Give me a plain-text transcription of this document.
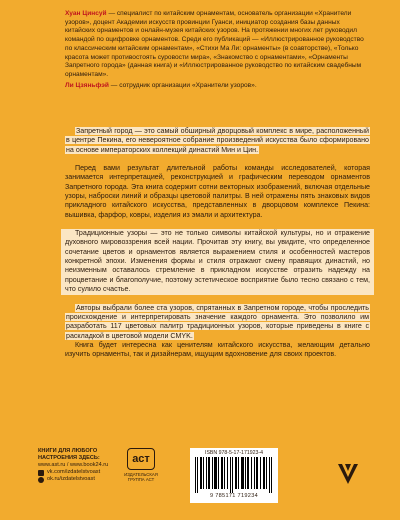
Хуан Цинсуй — специалист по китайским орнаментам, основатель организации «Хранители узоров», доцент Академии искусств провинции Гуанси, инициатор создания базы данных китайских орнаментов и онлайн-музея китайских узоров. На протяжении многих лет руководил командой по оцифровке орнаментов. Среди его публикаций — «Иллюстрированное руководство по классическим китайским орнаментам», «Стихи Ма Ли: орнаменты» (в соавторстве), «Только красота может противостоять суровости мира», «Знакомство с орнаментами», «Орнаменты Запретного города» (данная книга) и «Иллюстрированное руководство по китайским свадебным орнаментам».

Ли Цзяньфэй — сотрудник организации «Хранители узоров».

Запретный город — это самый обширный дворцовый комплекс в мире, расположенный в центре Пекина, его невероятное собрание произведений искусства было сформировано на основе императорских коллекций династий Мин и Цин.

Перед вами результат длительной работы команды исследователей, которая занимается интерпретацией, реконструкцией и графическим переводом орнаментов Запретного города. Эта книга содержит сотни векторных изображений, включая отдельные узоры, наброски линий и образцы цветовой палитры. В ней отражены пять знаковых видов прикладного китайского искусства, представленных в дворцовом комплексе Пекина: вышивка, фарфор, ковры, изделия из эмали и архитектура.

Традиционные узоры — это не только символы китайской культуры, но и отражение духовного мировоззрения всей нации. Прочитав эту книгу, вы увидите, что определенное сочетание цветов и орнаментов является выражением стиля и особенностей мастеров конкретной эпохи. Изменения формы и стиля отражают смену правящих династий, но неизменным оставалось стремление в прикладном искусстве отразить надежду на процветание и благополучие, поэтому эстетическое восприятие было тесно связано с тем, что сулило счастье.

Авторы выбрали более ста узоров, спрятанных в Запретном городе, чтобы проследить происхождение и интерпретировать значение каждого орнамента. Это позволило им разработать 117 цветовых палитр традиционных узоров, которые приведены в книге с раскладкой в цветовой модели CMYK.

Книга будет интересна как ценителям китайского искусства, желающим детально изучить орнаменты, так и дизайнерам, ищущим вдохновение для своих проектов.

КНИГИ ДЛЯ ЛЮБОГО НАСТРОЕНИЯ ЗДЕСЬ:
www.ast.ru / www.book24.ru
vk.com/izdatelstvoast
ok.ru/izdatelstvoast
аст
ИЗДАТЕЛЬСКАЯ ГРУППА АСТ
ISBN 978-5-17-171923-4
9 785171 719234
